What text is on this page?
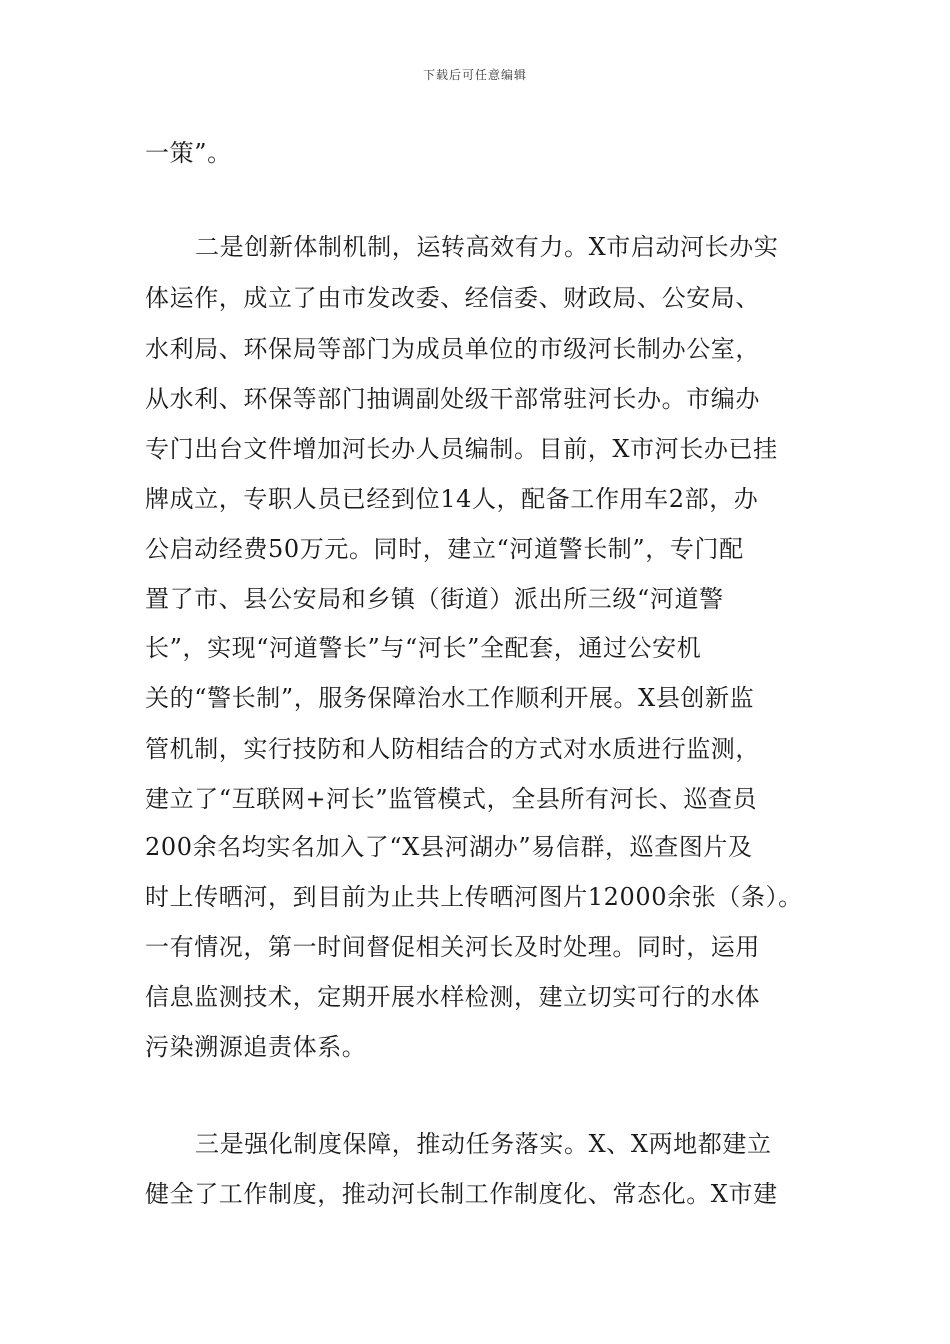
下载后可任意编辑
一策”。
二是创新体制机制，运转高效有力。X市启动河长办实
体运作，成立了由市发改委、经信委、财政局、公安局、
水利局、环保局等部门为成员单位的市级河长制办公室，
从水利、环保等部门抽调副处级干部常驻河长办。市编办
专门出台文件增加河长办人员编制。目前，X市河长办已挂
牌成立，专职人员已经到位14人，配备工作用车2部，办
公启动经费50万元。同时，建立“河道警长制”，专门配
置了市、县公安局和乡镇（街道）派出所三级“河道警
长”，实现“河道警长”与“河长”全配套，通过公安机
关的“警长制”，服务保障治水工作顺利开展。X县创新监
管机制，实行技防和人防相结合的方式对水质进行监测，
建立了“互联网+河长”监管模式，全县所有河长、巡查员
200余名均实名加入了“X县河湖办”易信群，巡查图片及
时上传晒河，到目前为止共上传晒河图片12000余张（条）。
一有情况，第一时间督促相关河长及时处理。同时，运用
信息监测技术，定期开展水样检测，建立切实可行的水体
污染溯源追责体系。
三是强化制度保障，推动任务落实。X、X两地都建立
健全了工作制度，推动河长制工作制度化、常态化。X市建
